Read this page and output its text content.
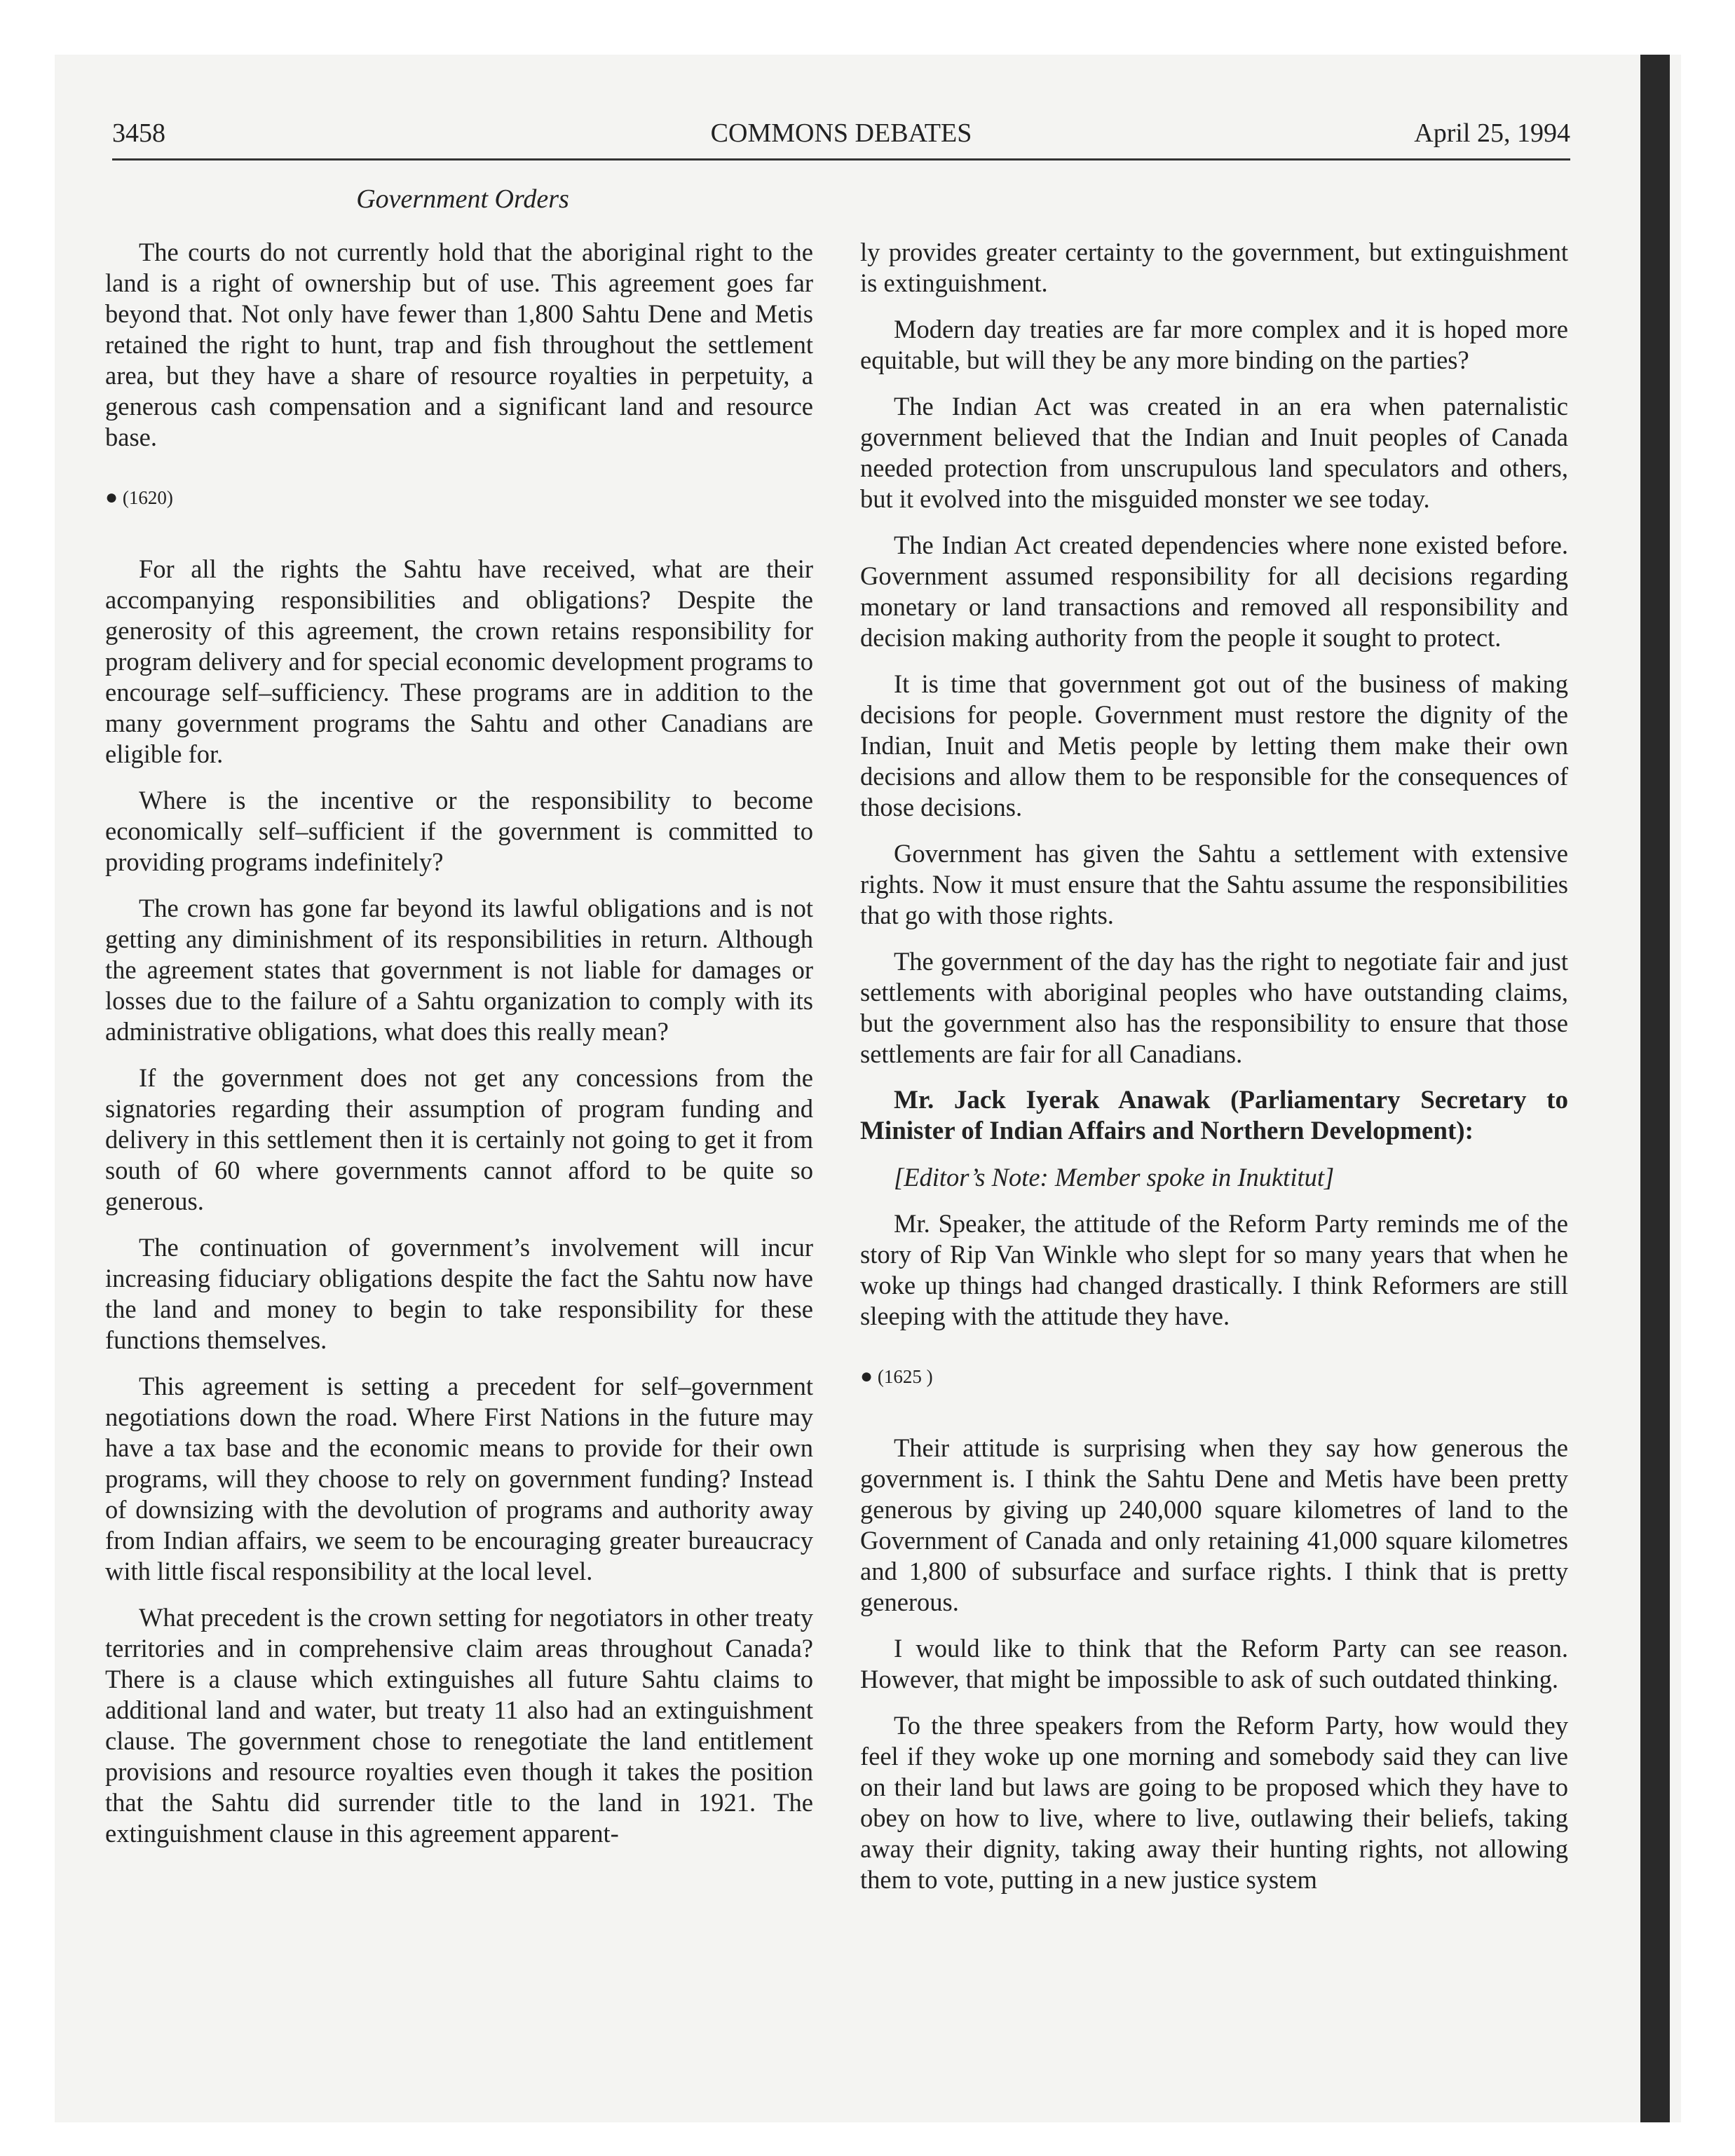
3458	COMMONS DEBATES	April 25, 1994
Government Orders

The courts do not currently hold that the aboriginal right to the land is a right of ownership but of use. This agreement goes far beyond that. Not only have fewer than 1,800 Sahtu Dene and Metis retained the right to hunt, trap and fish throughout the settlement area, but they have a share of resource royalties in perpetuity, a generous cash compensation and a significant land and resource base.

● (1620)

For all the rights the Sahtu have received, what are their accompanying responsibilities and obligations? Despite the generosity of this agreement, the crown retains responsibility for program delivery and for special economic development programs to encourage self–sufficiency. These programs are in addition to the many government programs the Sahtu and other Canadians are eligible for.

Where is the incentive or the responsibility to become economically self–sufficient if the government is committed to providing programs indefinitely?

The crown has gone far beyond its lawful obligations and is not getting any diminishment of its responsibilities in return. Although the agreement states that government is not liable for damages or losses due to the failure of a Sahtu organization to comply with its administrative obligations, what does this really mean?

If the government does not get any concessions from the signatories regarding their assumption of program funding and delivery in this settlement then it is certainly not going to get it from south of 60 where governments cannot afford to be quite so generous.

The continuation of government’s involvement will incur increasing fiduciary obligations despite the fact the Sahtu now have the land and money to begin to take responsibility for these functions themselves.

This agreement is setting a precedent for self–government negotiations down the road. Where First Nations in the future may have a tax base and the economic means to provide for their own programs, will they choose to rely on government funding? Instead of downsizing with the devolution of programs and authority away from Indian affairs, we seem to be encouraging greater bureaucracy with little fiscal responsibility at the local level.

What precedent is the crown setting for negotiators in other treaty territories and in comprehensive claim areas throughout Canada? There is a clause which extinguishes all future Sahtu claims to additional land and water, but treaty 11 also had an extinguishment clause. The government chose to renegotiate the land entitlement provisions and resource royalties even though it takes the position that the Sahtu did surrender title to the land in 1921. The extinguishment clause in this agreement apparent-

ly provides greater certainty to the government, but extinguishment is extinguishment.

Modern day treaties are far more complex and it is hoped more equitable, but will they be any more binding on the parties?

The Indian Act was created in an era when paternalistic government believed that the Indian and Inuit peoples of Canada needed protection from unscrupulous land speculators and others, but it evolved into the misguided monster we see today.

The Indian Act created dependencies where none existed before. Government assumed responsibility for all decisions regarding monetary or land transactions and removed all responsibility and decision making authority from the people it sought to protect.

It is time that government got out of the business of making decisions for people. Government must restore the dignity of the Indian, Inuit and Metis people by letting them make their own decisions and allow them to be responsible for the consequences of those decisions.

Government has given the Sahtu a settlement with extensive rights. Now it must ensure that the Sahtu assume the responsibilities that go with those rights.

The government of the day has the right to negotiate fair and just settlements with aboriginal peoples who have outstanding claims, but the government also has the responsibility to ensure that those settlements are fair for all Canadians.

Mr. Jack Iyerak Anawak (Parliamentary Secretary to Minister of Indian Affairs and Northern Development):

[Editor’s Note: Member spoke in Inuktitut]

Mr. Speaker, the attitude of the Reform Party reminds me of the story of Rip Van Winkle who slept for so many years that when he woke up things had changed drastically. I think Reformers are still sleeping with the attitude they have.

● (1625 )

Their attitude is surprising when they say how generous the government is. I think the Sahtu Dene and Metis have been pretty generous by giving up 240,000 square kilometres of land to the Government of Canada and only retaining 41,000 square kilometres and 1,800 of subsurface and surface rights. I think that is pretty generous.

I would like to think that the Reform Party can see reason. However, that might be impossible to ask of such outdated thinking.

To the three speakers from the Reform Party, how would they feel if they woke up one morning and somebody said they can live on their land but laws are going to be proposed which they have to obey on how to live, where to live, outlawing their beliefs, taking away their dignity, taking away their hunting rights, not allowing them to vote, putting in a new justice system
